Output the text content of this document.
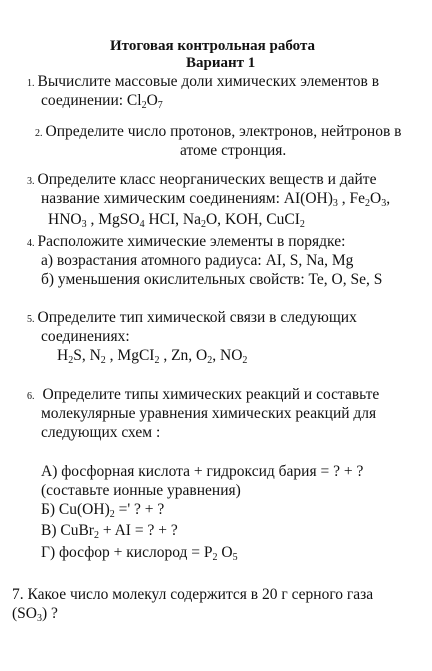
Итоговая контрольная работа
Вариант 1
1. Вычислите массовые доли химических элементов в
соединении: $Cl_2O_7$
2. Определите число протонов, электронов, нейтронов в
атоме стронция.
3. Определите класс неорганических веществ и дайте
название химическим соединениям: $AI(OH)_3$ , $Fe_2O_3$,
$HNO_3$ , MgSO$_4$ HCI, $Na_2O$, KOH, CuCI$_2$
4. Расположите химические элементы в порядке:
а) возрастания атомного радиуса: AI, S, Na, Mg
б) уменьшения окислительных свойств: Te, O, Se, S
5. Определите тип химической связи в следующих
соединениях:
$H_2S$, $N_2$ , MgCI$_2$ , Zn, $O_2$, $NO_2$
6. Определите типы химических реакций и составьте
молекулярные уравнения химических реакций для
следующих схем :
А) фосфорная кислота + гидроксид бария = ? + ?
(составьте ионные уравнения)
Б) $Cu(OH)_2$ =' ? + ?
В) CuBr$_2$ + AI = ? + ?
Г) фосфор + кислород = $P_2$ $O_5$
7. Какое число молекул содержится в 20 г серного газа
$(SO_3)$ ?
